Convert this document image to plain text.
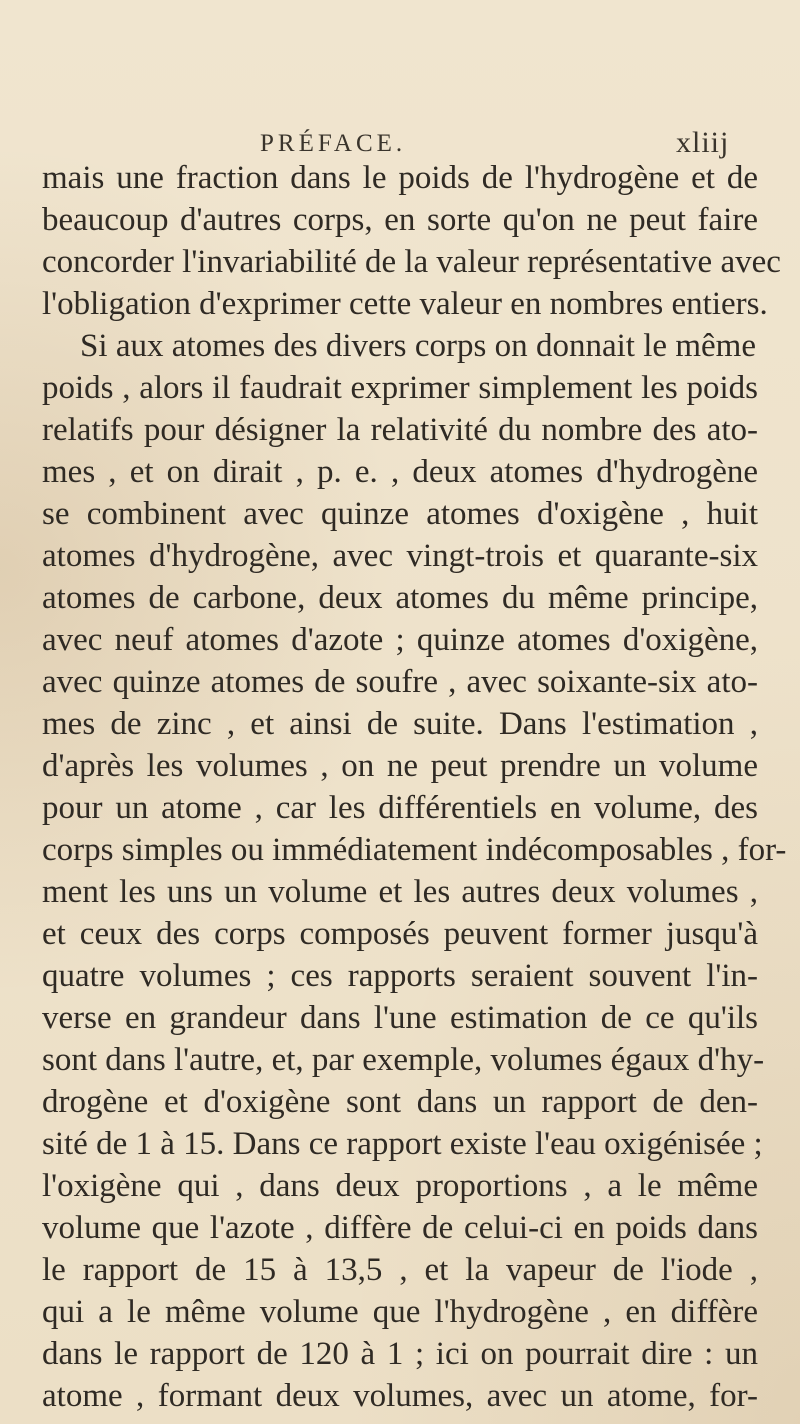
PRÉFACE.	xliij
mais une fraction dans le poids de l'hydrogène et de
beaucoup d'autres corps, en sorte qu'on ne peut faire
concorder l'invariabilité de la valeur représentative avec
l'obligation d'exprimer cette valeur en nombres entiers.
Si aux atomes des divers corps on donnait le même
poids , alors il faudrait exprimer simplement les poids
relatifs pour désigner la relativité du nombre des ato-
mes , et on dirait , p. e. , deux atomes d'hydrogène
se combinent avec quinze atomes d'oxigène , huit
atomes d'hydrogène, avec vingt-trois et quarante-six
atomes de carbone, deux atomes du même principe,
avec neuf atomes d'azote ; quinze atomes d'oxigène,
avec quinze atomes de soufre , avec soixante-six ato-
mes de zinc , et ainsi de suite. Dans l'estimation ,
d'après les volumes , on ne peut prendre un volume
pour un atome , car les différentiels en volume, des
corps simples ou immédiatement indécomposables , for-
ment les uns un volume et les autres deux volumes ,
et ceux des corps composés peuvent former jusqu'à
quatre volumes ; ces rapports seraient souvent l'in-
verse en grandeur dans l'une estimation de ce qu'ils
sont dans l'autre, et, par exemple, volumes égaux d'hy-
drogène et d'oxigène sont dans un rapport de den-
sité de 1 à 15. Dans ce rapport existe l'eau oxigénisée ;
l'oxigène qui , dans deux proportions , a le même
volume que l'azote , diffère de celui-ci en poids dans
le rapport de 15 à 13,5 , et la vapeur de l'iode ,
qui a le même volume que l'hydrogène , en diffère
dans le rapport de 120 à 1 ; ici on pourrait dire : un
atome , formant deux volumes, avec un atome, for-
